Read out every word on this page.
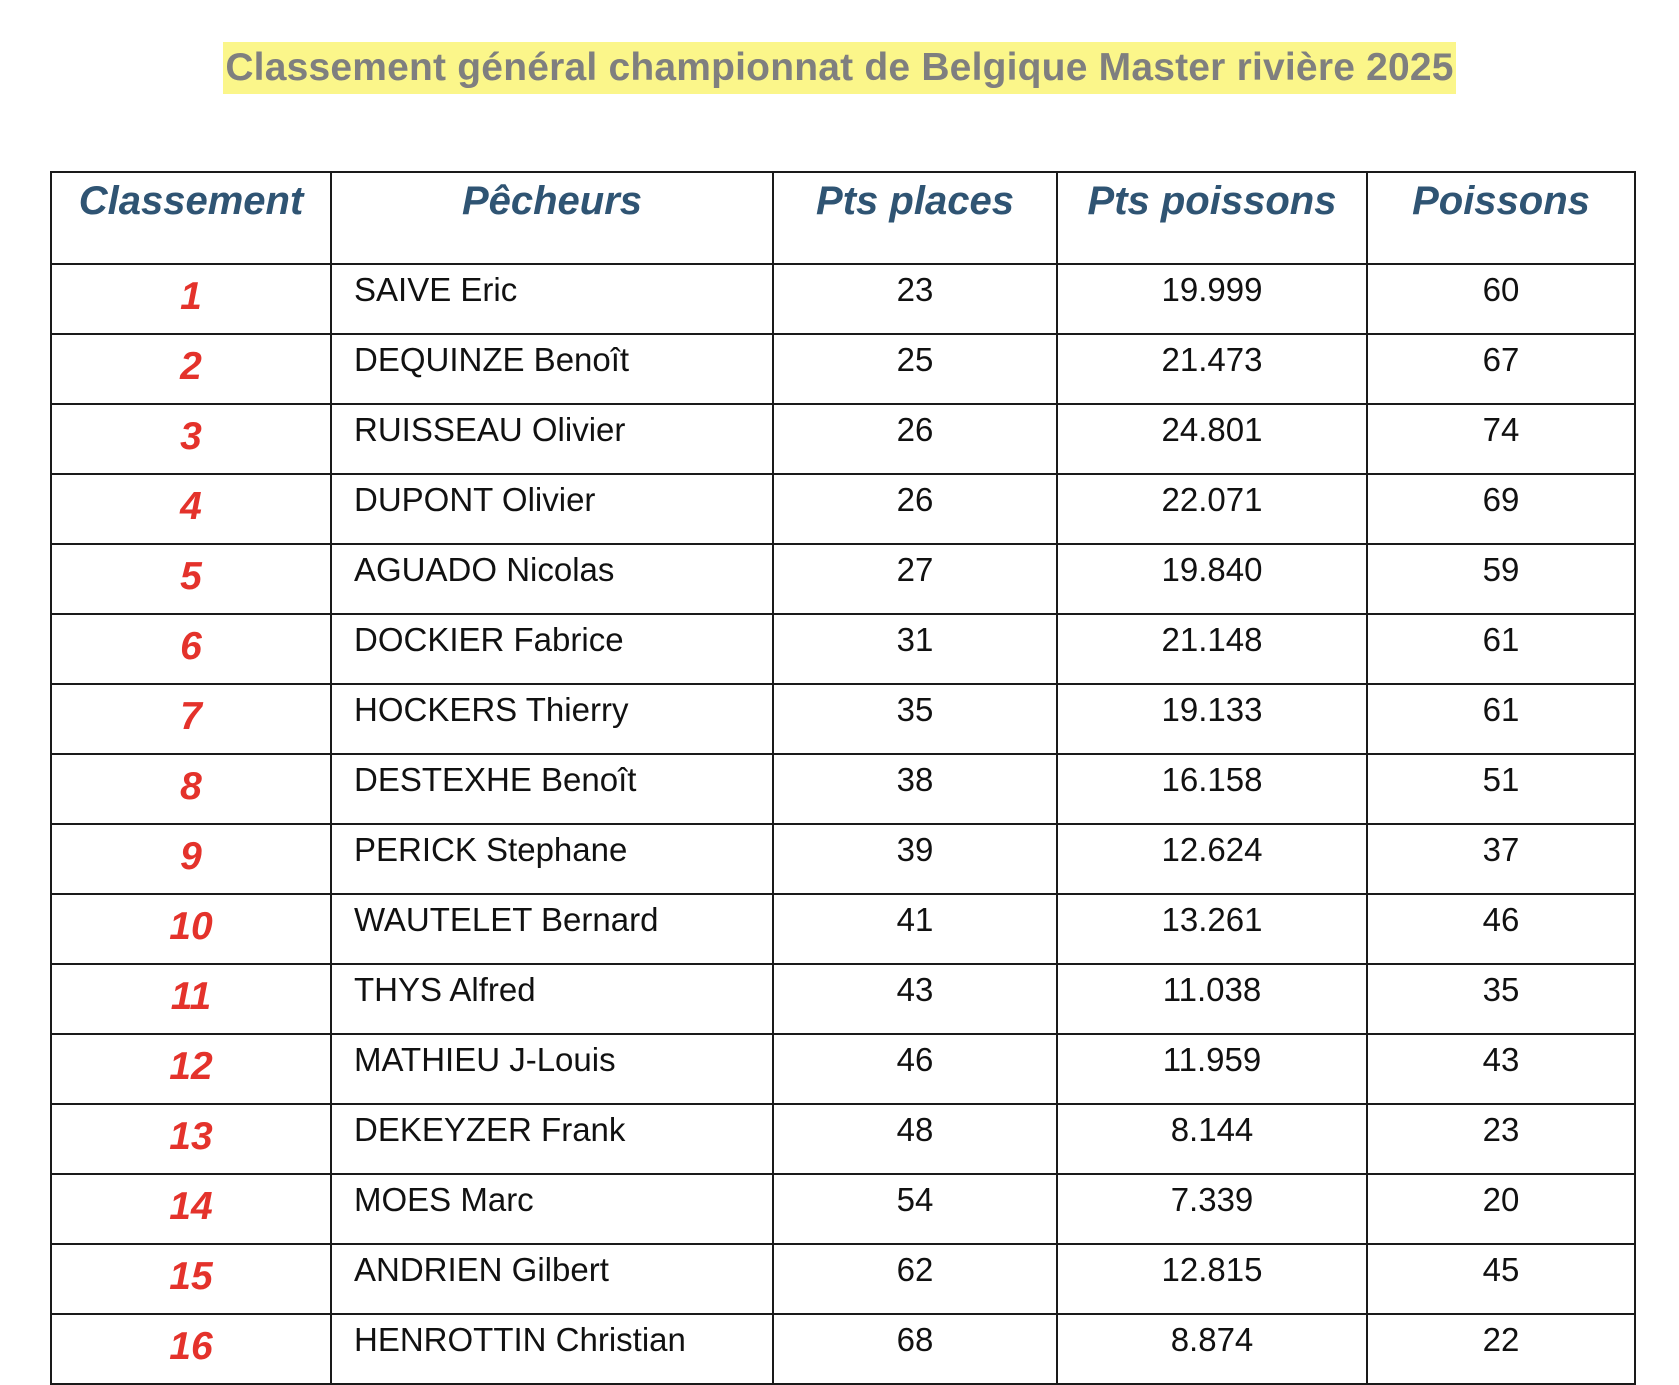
Classement général championnat de Belgique Master rivière 2025
Classement	Pêcheurs	Pts places	Pts poissons	Poissons
1	SAIVE Eric	23	19.999	60
2	DEQUINZE Benoît	25	21.473	67
3	RUISSEAU Olivier	26	24.801	74
4	DUPONT Olivier	26	22.071	69
5	AGUADO Nicolas	27	19.840	59
6	DOCKIER Fabrice	31	21.148	61
7	HOCKERS Thierry	35	19.133	61
8	DESTEXHE Benoît	38	16.158	51
9	PERICK Stephane	39	12.624	37
10	WAUTELET Bernard	41	13.261	46
11	THYS Alfred	43	11.038	35
12	MATHIEU J-Louis	46	11.959	43
13	DEKEYZER Frank	48	8.144	23
14	MOES Marc	54	7.339	20
15	ANDRIEN Gilbert	62	12.815	45
16	HENROTTIN Christian	68	8.874	22
